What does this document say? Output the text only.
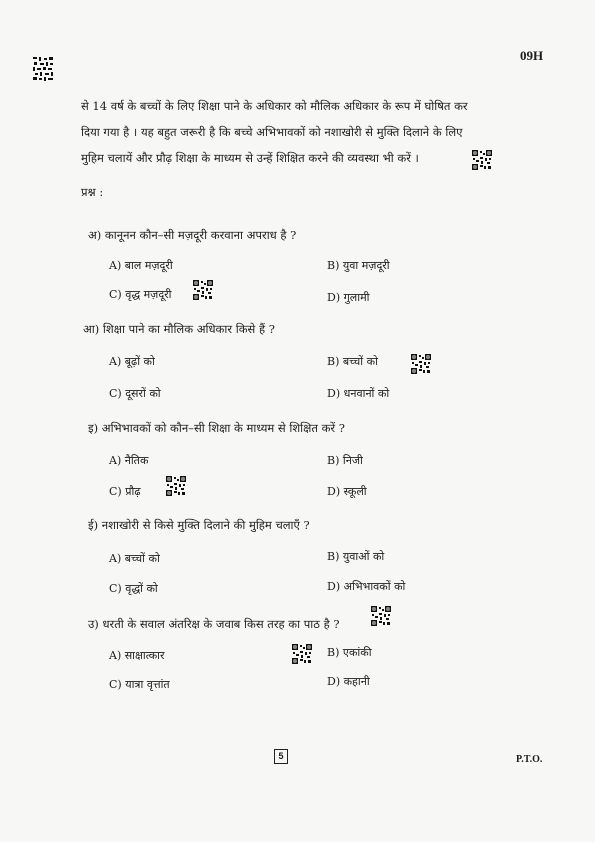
09H
से 14 वर्ष के बच्चों के लिए शिक्षा पाने के अधिकार को मौलिक अधिकार के रूप में घोषित कर
दिया गया है । यह बहुत जरूरी है कि बच्चे अभिभावकों को नशाखोरी से मुक्ति दिलाने के लिए
मुहिम चलायें और प्रौढ़ शिक्षा के माध्यम से उन्हें शिक्षित करने की व्यवस्था भी करें ।
प्रश्न :
अ) कानूनन कौन–सी मज़दूरी करवाना अपराध है ?
A) बाल मज़दूरी	B) युवा मज़दूरी
C) वृद्ध मज़दूरी	D) गुलामी
आ) शिक्षा पाने का मौलिक अधिकार किसे हैं ?
A) बूढ़ों को	B) बच्चों को
C) दूसरों को	D) धनवानों को
इ) अभिभावकों को कौन–सी शिक्षा के माध्यम से शिक्षित करें ?
A) नैतिक	B) निजी
C) प्रौढ़	D) स्कूली
ई) नशाखोरी से किसे मुक्ति दिलाने की मुहिम चलाएँ ?
A) बच्चों को	B) युवाओं को
C) वृद्धों को	D) अभिभावकों को
उ) धरती के सवाल अंतरिक्ष के जवाब किस तरह का पाठ है ?
A) साक्षात्कार	B) एकांकी
C) यात्रा वृत्तांत	D) कहानी
5	P.T.O.
